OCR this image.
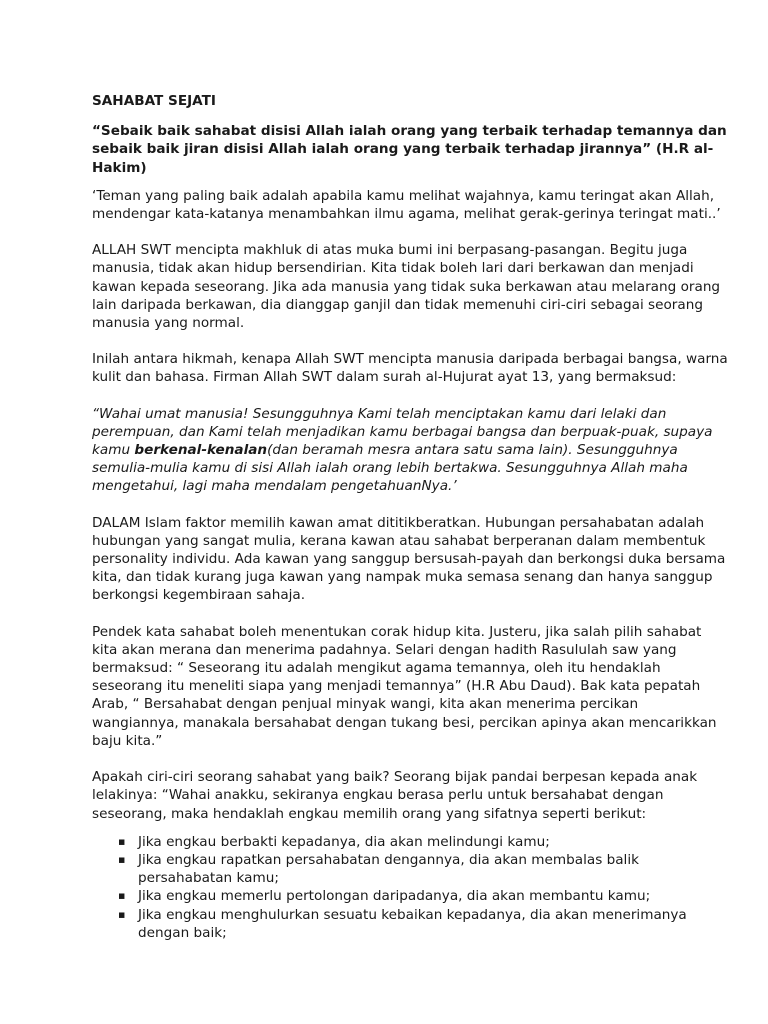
SAHABAT SEJATI
“Sebaik baik sahabat disisi Allah ialah orang yang terbaik terhadap temannya dan sebaik baik jiran disisi Allah ialah orang yang terbaik terhadap jirannya” (H.R al-Hakim)

‘Teman yang paling baik adalah apabila kamu melihat wajahnya, kamu teringat akan Allah, mendengar kata-katanya menambahkan ilmu agama, melihat gerak-gerinya teringat mati..’

ALLAH SWT mencipta makhluk di atas muka bumi ini berpasang-pasangan. Begitu juga manusia, tidak akan hidup bersendirian. Kita tidak boleh lari dari berkawan dan menjadi kawan kepada seseorang. Jika ada manusia yang tidak suka berkawan atau melarang orang lain daripada berkawan, dia dianggap ganjil dan tidak memenuhi ciri-ciri sebagai seorang manusia yang normal.

Inilah antara hikmah, kenapa Allah SWT mencipta manusia daripada berbagai bangsa, warna kulit dan bahasa. Firman Allah SWT dalam surah al-Hujurat ayat 13, yang bermaksud:

“Wahai umat manusia! Sesungguhnya Kami telah menciptakan kamu dari lelaki dan perempuan, dan Kami telah menjadikan kamu berbagai bangsa dan berpuak-puak, supaya kamu berkenal-kenalan(dan beramah mesra antara satu sama lain). Sesungguhnya semulia-mulia kamu di sisi Allah ialah orang lebih bertakwa. Sesungguhnya Allah maha mengetahui, lagi maha mendalam pengetahuanNya.’

DALAM Islam faktor memilih kawan amat dititikberatkan. Hubungan persahabatan adalah hubungan yang sangat mulia, kerana kawan atau sahabat berperanan dalam membentuk personality individu. Ada kawan yang sanggup bersusah-payah dan berkongsi duka bersama kita, dan tidak kurang juga kawan yang nampak muka semasa senang dan hanya sanggup berkongsi kegembiraan sahaja.

Pendek kata sahabat boleh menentukan corak hidup kita. Justeru, jika salah pilih sahabat kita akan merana dan menerima padahnya. Selari dengan hadith Rasululah saw yang bermaksud: “ Seseorang itu adalah mengikut agama temannya, oleh itu hendaklah seseorang itu meneliti siapa yang menjadi temannya” (H.R Abu Daud). Bak kata pepatah Arab, “ Bersahabat dengan penjual minyak wangi, kita akan menerima percikan wangiannya, manakala bersahabat dengan tukang besi, percikan apinya akan mencarikkan baju kita.”

Apakah ciri-ciri seorang sahabat yang baik? Seorang bijak pandai berpesan kepada anak lelakinya: “Wahai anakku, sekiranya engkau berasa perlu untuk bersahabat dengan seseorang, maka hendaklah engkau memilih orang yang sifatnya seperti berikut:

▪ Jika engkau berbakti kepadanya, dia akan melindungi kamu;
▪ Jika engkau rapatkan persahabatan dengannya, dia akan membalas balik persahabatan kamu;
▪ Jika engkau memerlu pertolongan daripadanya, dia akan membantu kamu;
▪ Jika engkau menghulurkan sesuatu kebaikan kepadanya, dia akan menerimanya dengan baik;
